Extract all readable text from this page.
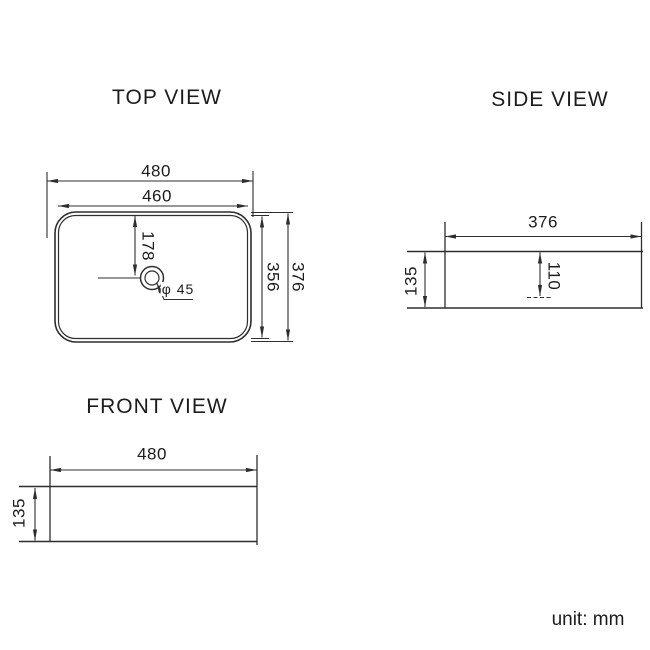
TOP VIEW	SIDE VIEW
FRONT VIEW
480
460
178
φ 45	356 376
376
135	110
480
135
unit: mm
